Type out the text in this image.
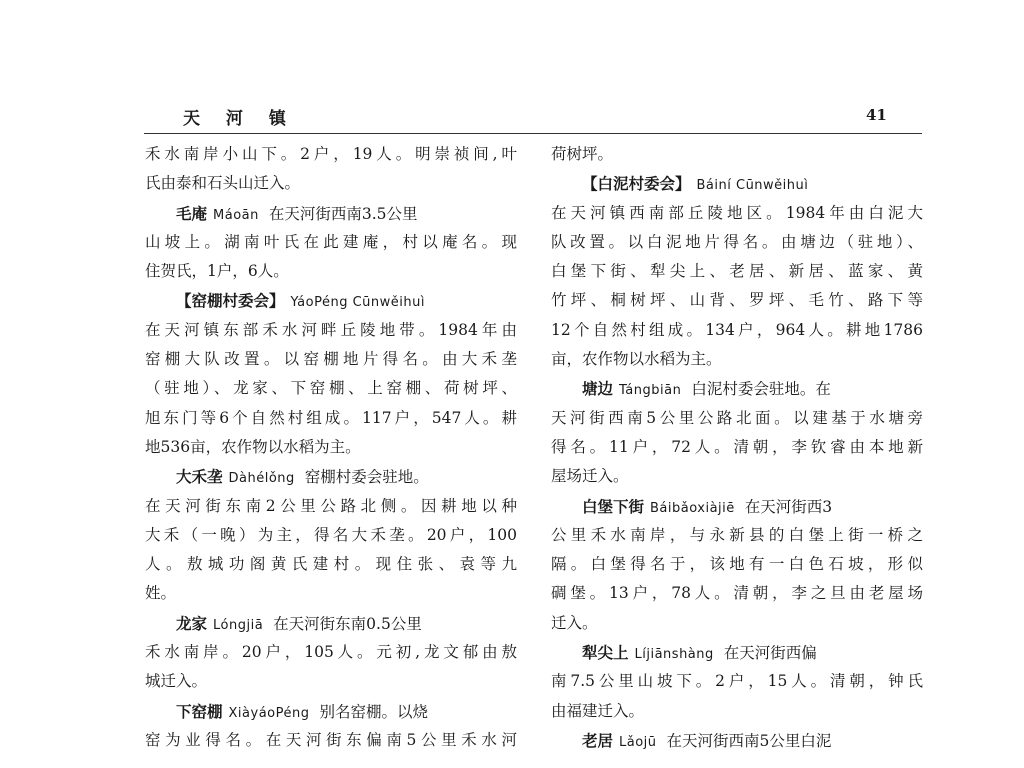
天 河 镇	41
禾水南岸小山下。2户，19人。明崇祯间,叶
氏由泰和石头山迁入。
毛庵 Máoān 在天河街西南3.5公里
山坡上。湖南叶氏在此建庵，村以庵名。现
住贺氏，1户，6人。
【窑棚村委会】 YáoPéng Cūnwěihuì
在天河镇东部禾水河畔丘陵地带。1984年由
窑棚大队改置。以窑棚地片得名。由大禾垄
（驻地）、龙家、下窑棚、上窑棚、荷树坪、
旭东门等6个自然村组成。117户，547人。耕
地536亩，农作物以水稻为主。
大禾垄 Dàhélǒng 窑棚村委会驻地。
在天河街东南2公里公路北侧。因耕地以种
大禾（一晚）为主，得名大禾垄。20户，100
人。敖城功阁黄氏建村。现住张、袁等九
姓。
龙家 Lóngjiā 在天河街东南0.5公里
禾水南岸。20户，105人。元初,龙文郁由敖
城迁入。
下窑棚 XiàyáoPéng 别名窑棚。以烧
窑为业得名。在天河街东偏南5公里禾水河
荷树坪。
【白泥村委会】 Báiní Cūnwěihuì
在天河镇西南部丘陵地区。1984年由白泥大
队改置。以白泥地片得名。由塘边（驻地）、
白堡下街、犁尖上、老居、新居、蓝家、黄
竹坪、桐树坪、山背、罗坪、毛竹、路下等
12个自然村组成。134户，964人。耕地1786
亩，农作物以水稻为主。
塘边 Tángbiān 白泥村委会驻地。在
天河街西南5公里公路北面。以建基于水塘旁
得名。11户，72人。清朝，李钦睿由本地新
屋场迁入。
白堡下街 Báibǎoxiàjiē 在天河街西3
公里禾水南岸，与永新县的白堡上街一桥之
隔。白堡得名于，该地有一白色石坡，形似
碉堡。13户，78人。清朝，李之旦由老屋场
迁入。
犁尖上 Líjiānshàng 在天河街西偏
南7.5公里山坡下。2户，15人。清朝，钟氏
由福建迁入。
老居 Lǎojū 在天河街西南5公里白泥
